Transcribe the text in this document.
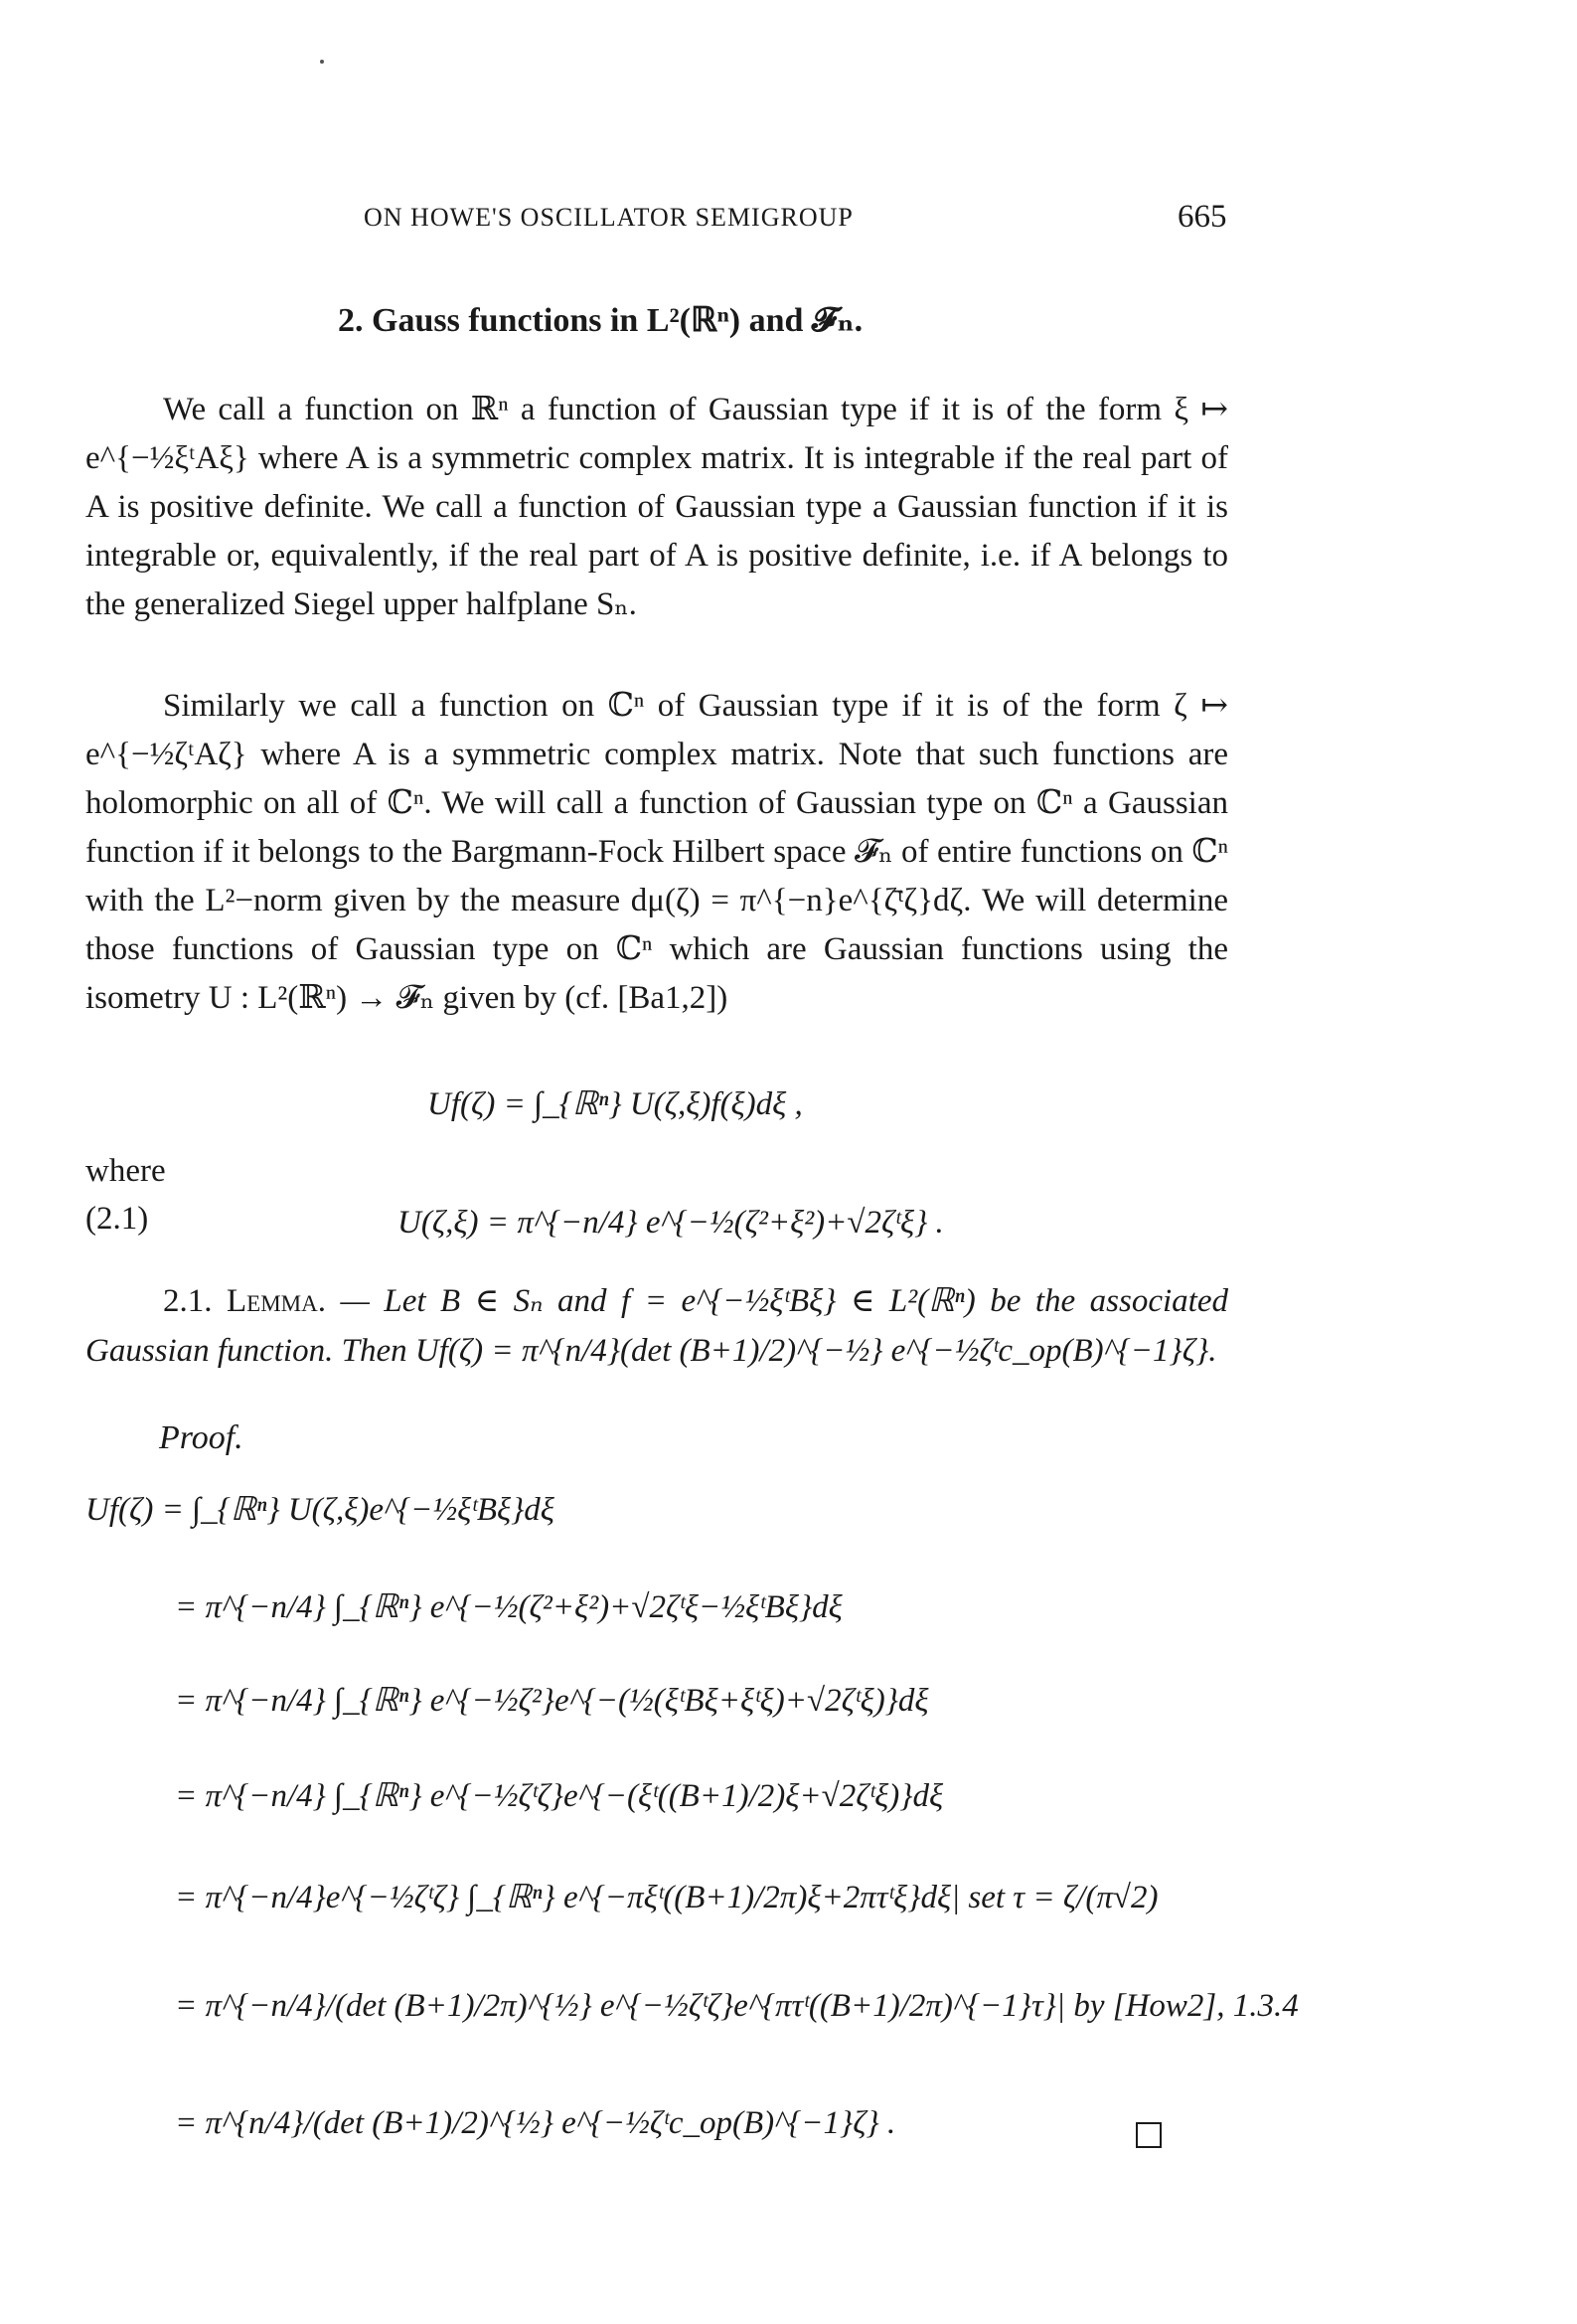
ON HOWE'S OSCILLATOR SEMIGROUP	665
2. Gauss functions in L²(ℝⁿ) and 𝓕ₙ.

We call a function on ℝⁿ a function of Gaussian type if it is of the form ξ ↦ e^{−½ξᵗAξ} where A is a symmetric complex matrix. It is integrable if the real part of A is positive definite. We call a function of Gaussian type a Gaussian function if it is integrable or, equivalently, if the real part of A is positive definite, i.e. if A belongs to the generalized Siegel upper halfplane Sₙ.

Similarly we call a function on ℂⁿ of Gaussian type if it is of the form ζ ↦ e^{−½ζᵗAζ} where A is a symmetric complex matrix. Note that such functions are holomorphic on all of ℂⁿ. We will call a function of Gaussian type on ℂⁿ a Gaussian function if it belongs to the Bargmann-Fock Hilbert space 𝓕ₙ of entire functions on ℂⁿ with the L²−norm given by the measure dμ(ζ) = π^{−n}e^{ζ̄ᵗζ}dζ. We will determine those functions of Gaussian type on ℂⁿ which are Gaussian functions using the isometry U : L²(ℝⁿ) → 𝓕ₙ given by (cf. [Ba1,2])

Uf(ζ) = ∫_{ℝⁿ} U(ζ,ξ)f(ξ)dξ ,
where
(2.1)	U(ζ,ξ) = π^{−n/4} e^{−½(ζ²+ξ²)+√2ζᵗξ} .

2.1. Lemma. — Let B ∈ Sₙ and f = e^{−½ξᵗBξ} ∈ L²(ℝⁿ) be the associated Gaussian function. Then Uf(ζ) = π^{n/4}(det (B+1)/2)^{−½} e^{−½ζᵗc_op(B)^{−1}ζ}.

Proof.
Uf(ζ) = ∫_{ℝⁿ} U(ζ,ξ)e^{−½ξᵗBξ}dξ
= π^{−n/4} ∫_{ℝⁿ} e^{−½(ζ²+ξ²)+√2ζᵗξ−½ξᵗBξ}dξ
= π^{−n/4} ∫_{ℝⁿ} e^{−½ζ²}e^{−(½(ξᵗBξ+ξᵗξ)+√2ζᵗξ)}dξ
= π^{−n/4} ∫_{ℝⁿ} e^{−½ζᵗζ}e^{−(ξᵗ((B+1)/2)ξ+√2ζᵗξ)}dξ
= π^{−n/4}e^{−½ζᵗζ} ∫_{ℝⁿ} e^{−πξᵗ((B+1)/2π)ξ+2πτᵗξ}dξ| set τ = ζ/(π√2)
= π^{−n/4}/(det (B+1)/2π)^{½} e^{−½ζᵗζ}e^{πτᵗ((B+1)/2π)^{−1}τ}| by [How2], 1.3.4
= π^{n/4}/(det (B+1)/2)^{½} e^{−½ζᵗc_op(B)^{−1}ζ} .
